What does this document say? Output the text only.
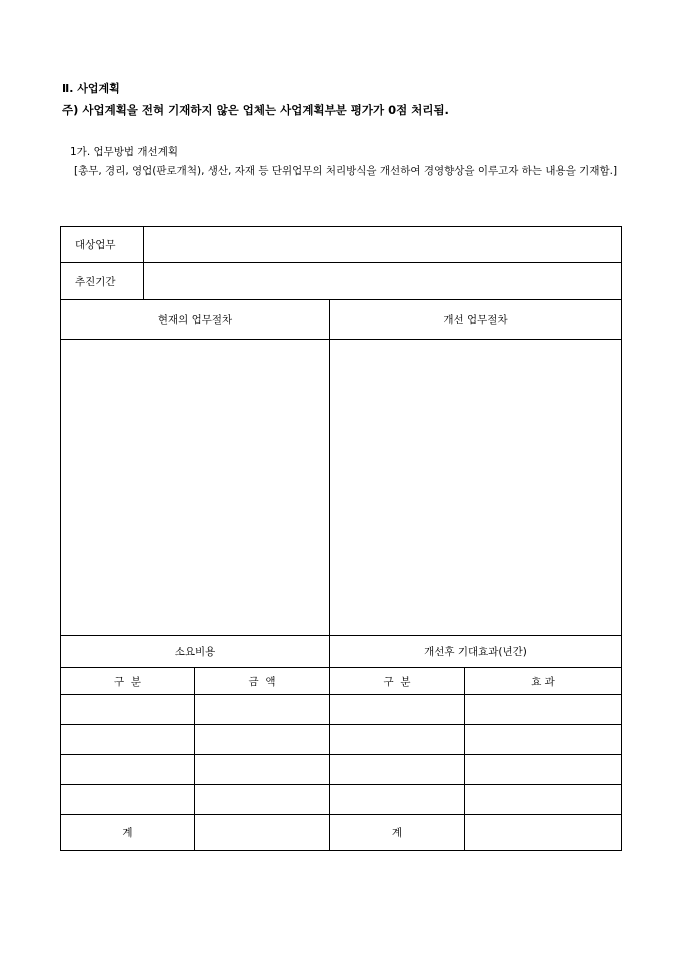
Ⅱ. 사업계획
주) 사업계획을 전혀 기재하지 않은 업체는 사업계획부분 평가가 0점 처리됨.
1가. 업무방법 개선계획
[총무, 경리, 영업(판로개척), 생산, 자재 등 단위업무의 처리방식을 개선하여 경영향상을 이루고자 하는 내용을 기재함.]
대상업무				
추진기간				
현재의 업무절차			개선 업무절차	

소요비용			개선후 기대효과(년간)	
구  분		금  액	구  분	효 과

계			계	
